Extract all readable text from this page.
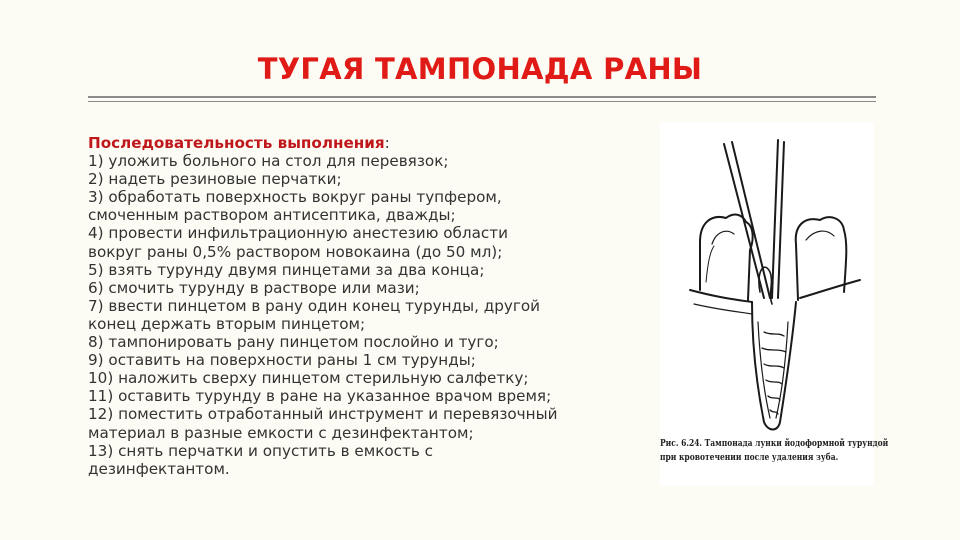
ТУГАЯ ТАМПОНАДА РАНЫ
Последовательность выполнения:
1) уложить больного на стол для перевязок;
2) надеть резиновые перчатки;
3) обработать поверхность вокруг раны тупфером,
смоченным раствором антисептика, дважды;
4) провести инфильтрационную анестезию области
вокруг раны 0,5% раствором новокаина (до 50 мл);
5) взять турунду двумя пинцетами за два конца;
6) смочить турунду в растворе или мази;
7) ввести пинцетом в рану один конец турунды, другой
конец держать вторым пинцетом;
8) тампонировать рану пинцетом послойно и туго;
9) оставить на поверхности раны 1 см турунды;
10) наложить сверху пинцетом стерильную салфетку;
11) оставить турунду в ране на указанное врачом время;
12) поместить отработанный инструмент и перевязочный
материал в разные емкости с дезинфектантом;
13) снять перчатки и опустить в емкость с
дезинфектантом.
Рис. 6.24. Тампонада лунки йодоформной турундой
при кровотечении после удаления зуба.
